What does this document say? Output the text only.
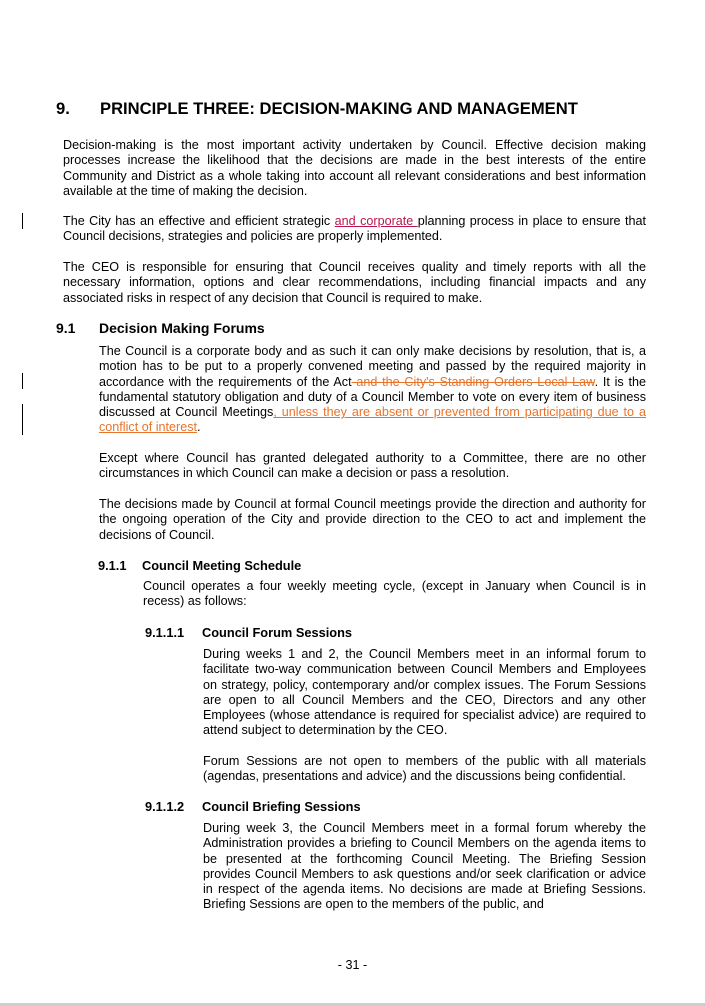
9. PRINCIPLE THREE: DECISION-MAKING AND MANAGEMENT

Decision-making is the most important activity undertaken by Council. Effective decision making processes increase the likelihood that the decisions are made in the best interests of the entire Community and District as a whole taking into account all relevant considerations and best information available at the time of making the decision.

The City has an effective and efficient strategic and corporate planning process in place to ensure that Council decisions, strategies and policies are properly implemented.

The CEO is responsible for ensuring that Council receives quality and timely reports with all the necessary information, options and clear recommendations, including financial impacts and any associated risks in respect of any decision that Council is required to make.

9.1 Decision Making Forums

The Council is a corporate body and as such it can only make decisions by resolution, that is, a motion has to be put to a properly convened meeting and passed by the required majority in accordance with the requirements of the Act and the City's Standing Orders Local Law. It is the fundamental statutory obligation and duty of a Council Member to vote on every item of business discussed at Council Meetings, unless they are absent or prevented from participating due to a conflict of interest.

Except where Council has granted delegated authority to a Committee, there are no other circumstances in which Council can make a decision or pass a resolution.

The decisions made by Council at formal Council meetings provide the direction and authority for the ongoing operation of the City and provide direction to the CEO to act and implement the decisions of Council.

9.1.1 Council Meeting Schedule

Council operates a four weekly meeting cycle, (except in January when Council is in recess) as follows:

9.1.1.1 Council Forum Sessions

During weeks 1 and 2, the Council Members meet in an informal forum to facilitate two-way communication between Council Members and Employees on strategy, policy, contemporary and/or complex issues. The Forum Sessions are open to all Council Members and the CEO, Directors and any other Employees (whose attendance is required for specialist advice) are required to attend subject to determination by the CEO.

Forum Sessions are not open to members of the public with all materials (agendas, presentations and advice) and the discussions being confidential.

9.1.1.2 Council Briefing Sessions

During week 3, the Council Members meet in a formal forum whereby the Administration provides a briefing to Council Members on the agenda items to be presented at the forthcoming Council Meeting. The Briefing Session provides Council Members to ask questions and/or seek clarification or advice in respect of the agenda items. No decisions are made at Briefing Sessions. Briefing Sessions are open to the members of the public, and

- 31 -
